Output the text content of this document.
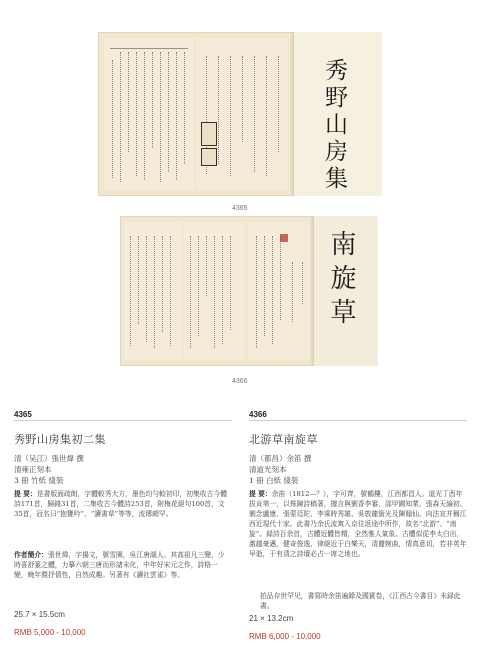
秀野山房集
4365
南旋草
4366
4365
秀野山房集初二集
清（吴江）張世煒 撰
清雍正刻本
3 冊 竹紙 綫裝
提 要：是書版面疏朗，字體較秀大方，墨色均勻較初印，初集收古今體詩171首，歸錢31首，二集收古今體詩253首，附梅花絕句100首，文35首，冠名曰“抱甕吟”、“讀書草”等等，流傳頗罕。
作者簡介：張世煒，字揚文，號雪園，吳江唐湖人。其高祖凡三變，少時喜舒篆之體，力摹六朝三唐而形諸未化，中年好宋元之作，詩格一變，晚年暨抒情性，自然成趣。另著有《讀社雲雀》等。
25.7 × 15.5cm
RMB 5,000 - 10,000
4366
北游草南旋草
清（都昌）余笛 撰
清道光刻本
1 冊 白紙 綫裝
提 要：余笛（1812—？），字可齊，號鶴樓，江西都昌人。道光丁酉年拔貢第一，以株陳詩稿著，據言與劉香李審、邵甲圃知業、張森天綸初、劉念盧康、張蒙廷陀、李乘時秀雄、吳敦龍銜光及陳翰仙、向法宣并稱江西近現代十家。此書乃余氏流寓入京往返途中所作，故名“北游”、“南旋”。録詩百余首，古體近體皆精，全然雅人氣象。古體似從李太白出，激越豪邁，健奇俊逸，律絕近于白樂天，清麗婉曲，情真意切，若非英年早逝，于有清之詩壇必占一席之地也。
拍品存世罕见，書寫時余笛遍錄及國賓卷，《江西古今書目》未録此書。
21 × 13.2cm
RMB 6,000 - 10,000
